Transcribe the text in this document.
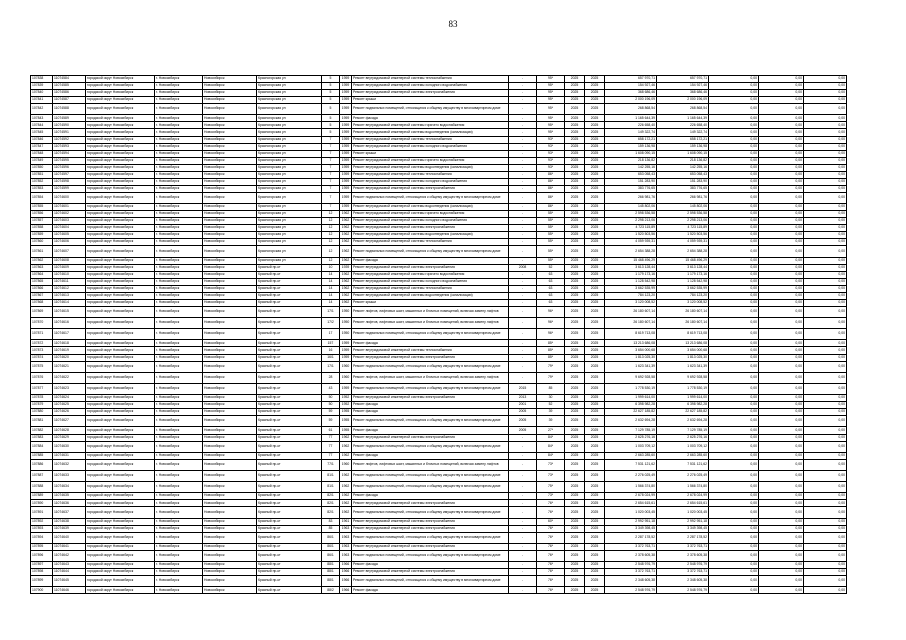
83
107838	11074584	городской округ Новосибирск	г. Новосибирск	Новосибирск	Красногорская ул	5	1959	Ремонт внутридомовой инженерной системы теплоснабжения	-	95*	2025	2025	657 970,71	657 970,71	0,00	0,00	0,00
107839	11074585	городской округ Новосибирск	г. Новосибирск	Новосибирск	Красногорская ул	5	1959	Ремонт внутридомовой инженерной системы холодного водоснабжения	-	95*	2025	2025	154 927,46	154 927,46	0,00	0,00	0,00
107840	11074586	городской округ Новосибирск	г. Новосибирск	Новосибирск	Красногорская ул	5	1959	Ремонт внутридомовой инженерной системы электроснабжения	-	95*	2025	2025	368 686,46	368 686,46	0,00	0,00	0,00
107841	11074587	городской округ Новосибирск	г. Новосибирск	Новосибирск	Красногорская ул	5	1959	Ремонт крыши	-	95*	2025	2025	2 000 196,09	2 000 196,09	0,00	0,00	0,00
107842	11074588	городской округ Новосибирск	г. Новосибирск	Новосибирск	Красногорская ул	5	1959	Ремонт подвальных помещений, относящихся к общему имуществу в многоквартирном доме	-	95*	2025	2025	268 868,54	268 868,54	0,00	0,00	0,00
107843	11074589	городской округ Новосибирск	г. Новосибирск	Новосибирск	Красногорская ул	5	1959	Ремонт фасада	-	95*	2025	2025	1 165 644,39	1 165 644,39	0,00	0,00	0,00
107844	11074590	городской округ Новосибирск	г. Новосибирск	Новосибирск	Красногорская ул	5	1959	Ремонт внутридомовой инженерной системы горячего водоснабжения	-	95*	2025	2025	226 658,40	226 658,40	0,00	0,00	0,00
107845	11074591	городской округ Новосибирск	г. Новосибирск	Новосибирск	Красногорская ул	5	1959	Ремонт внутридомовой инженерной системы водоотведения (канализации)	-	95*	2025	2025	149 322,74	149 322,74	0,00	0,00	0,00
107846	11074592	городской округ Новосибирск	г. Новосибирск	Новосибирск	Красногорская ул	7	1959	Ремонт внутридомовой инженерной системы теплоснабжения	-	93*	2025	2025	658 172,21	658 172,21	0,00	0,00	0,00
107847	11074593	городской округ Новосибирск	г. Новосибирск	Новосибирск	Красногорская ул	7	1959	Ремонт внутридомовой инженерной системы холодного водоснабжения	-	93*	2025	2025	159 136,98	159 136,98	0,00	0,00	0,00
107848	11074594	городской округ Новосибирск	г. Новосибирск	Новосибирск	Красногорская ул	7	1959	Ремонт крыши	-	93*	2025	2025	1 608 090,15	1 608 090,15	0,00	0,00	0,00
107849	11074595	городской округ Новосибирск	г. Новосибирск	Новосибирск	Красногорская ул	7	1959	Ремонт внутридомовой инженерной системы горячего водоснабжения	-	93*	2025	2025	218 136,82	218 136,82	0,00	0,00	0,00
107850	11074596	городской округ Новосибирск	г. Новосибирск	Новосибирск	Красногорская ул	7	1959	Ремонт внутридомовой инженерной системы водоотведения (канализации)	-	93*	2025	2025	142 255,16	142 255,16	0,00	0,00	0,00
107851	11074597	городской округ Новосибирск	г. Новосибирск	Новосибирск	Красногорская ул	7	1959	Ремонт внутридомовой инженерной системы теплоснабжения	-	86*	2025	2025	653 058,43	653 058,43	0,00	0,00	0,00
107852	11074598	городской округ Новосибирск	г. Новосибирск	Новосибирск	Красногорская ул	7	1959	Ремонт внутридомовой инженерной системы холодного водоснабжения	-	86*	2025	2025	151 283,90	151 283,90	0,00	0,00	0,00
107853	11074599	городской округ Новосибирск	г. Новосибирск	Новосибирск	Красногорская ул	7	1959	Ремонт внутридомовой инженерной системы электроснабжения	-	86*	2025	2025	383 776,65	383 776,65	0,00	0,00	0,00
107854	11074600	городской округ Новосибирск	г. Новосибирск	Новосибирск	Красногорская ул	7	1959	Ремонт подвальных помещений, относящихся к общему имуществу в многоквартирном доме	-	86*	2025	2025	266 981,76	266 981,76	0,00	0,00	0,00
107855	11074601	городской округ Новосибирск	г. Новосибирск	Новосибирск	Красногорская ул	7	1959	Ремонт внутридомовой инженерной системы водоотведения (канализации)	-	86*	2025	2025	145 802,06	145 802,06	0,00	0,00	0,00
107856	11074602	городской округ Новосибирск	г. Новосибирск	Новосибирск	Красногорская ул	12	1962	Ремонт внутридомовой инженерной системы горячего водоснабжения	-	55*	2025	2025	2 598 536,58	2 598 536,58	0,00	0,00	0,00
107857	11074603	городской округ Новосибирск	г. Новосибирск	Новосибирск	Красногорская ул	12	1962	Ремонт внутридомовой инженерной системы холодного водоснабжения	-	55*	2025	2025	2 298 213,06	2 298 213,06	0,00	0,00	0,00
107858	11074604	городской округ Новосибирск	г. Новосибирск	Новосибирск	Красногорская ул	12	1962	Ремонт внутридомовой инженерной системы электроснабжения	-	55*	2025	2025	4 723 115,89	4 723 115,89	0,00	0,00	0,00
107859	11074605	городской округ Новосибирск	г. Новосибирск	Новосибирск	Красногорская ул	12	1962	Ремонт внутридомовой инженерной системы водоотведения (канализации)	-	55*	2025	2025	1 520 503,56	1 520 503,56	0,00	0,00	0,00
107860	11074606	городской округ Новосибирск	г. Новосибирск	Новосибирск	Красногорская ул	12	1962	Ремонт внутридомовой инженерной системы теплоснабжения	-	55*	2025	2025	4 059 939,31	4 059 939,31	0,00	0,00	0,00
107861	11074607	городской округ Новосибирск	г. Новосибирск	Новосибирск	Красногорская ул	12	1962	Ремонт подвальных помещений, относящихся к общему имуществу в многоквартирном доме	-	55*	2025	2025	2 654 388,28	2 654 388,28	0,00	0,00	0,00
107862	11074608	городской округ Новосибирск	г. Новосибирск	Новосибирск	Красногорская ул	12	1962	Ремонт фасада	-	55*	2025	2025	15 468 496,29	15 468 496,29	0,00	0,00	0,00
107863	11074609	городской округ Новосибирск	г. Новосибирск	Новосибирск	Красный пр-кт	10	1939	Ремонт внутридомовой инженерной системы электроснабжения	2008	52	2025	2025	3 613 128,44	3 613 128,44	0,00	0,00	0,00
107864	11074610	городской округ Новосибирск	г. Новосибирск	Новосибирск	Красный пр-кт	14	1962	Ремонт внутридомовой инженерной системы горячего водоснабжения	-	63	2025	2025	1 179 173,16	1 179 173,16	0,00	0,00	0,00
107865	11074611	городской округ Новосибирск	г. Новосибирск	Новосибирск	Красный пр-кт	14	1962	Ремонт внутридомовой инженерной системы холодного водоснабжения	-	63	2025	2025	1 128 542,98	1 128 542,98	0,00	0,00	0,00
107866	11074612	городской округ Новосибирск	г. Новосибирск	Новосибирск	Красный пр-кт	14	1962	Ремонт внутридомовой инженерной системы теплоснабжения	-	63	2025	2025	3 662 535,99	3 662 535,99	0,00	0,00	0,00
107867	11074613	городской округ Новосибирск	г. Новосибирск	Новосибирск	Красный пр-кт	14	1962	Ремонт внутридомовой инженерной системы водоотведения (канализации)	-	63	2025	2025	784 123,20	784 123,20	0,00	0,00	0,00
107868	11074614	городской округ Новосибирск	г. Новосибирск	Новосибирск	Красный пр-кт	14	1962	Ремонт крыши	-	63	2025	2025	3 120 008,52	3 120 008,52	0,00	0,00	0,00
107869	11074615	городской округ Новосибирск	г. Новосибирск	Новосибирск	Красный пр-кт	17/1	1950	Ремонт лифтов, лифтовых шахт, машинных и блочных помещений, включая замену лифтов	-	96*	2025	2025	26 180 607,14	26 180 607,14	0,00	0,00	0,00
107870	11074616	городской округ Новосибирск	г. Новосибирск	Новосибирск	Красный пр-кт	17/2	1950	Ремонт лифтов, лифтовых шахт, машинных и блочных помещений, включая замену лифтов	-	96*	2025	2025	26 180 607,14	26 180 607,14	0,00	0,00	0,00
107871	11074617	городской округ Новосибирск	г. Новосибирск	Новосибирск	Красный пр-кт	17	1950	Ремонт подвальных помещений, относящихся к общему имуществу в многоквартирном доме	-	96*	2025	2025	8 619 713,08	8 619 713,08	0,00	0,00	0,00
107872	11074618	городской округ Новосибирск	г. Новосибирск	Новосибирск	Красный пр-кт	157	1959	Ремонт фасада	-	85*	2025	2025	13 213 686,08	13 213 686,08	0,00	0,00	0,00
107873	11074619	городской округ Новосибирск	г. Новосибирск	Новосибирск	Красный пр-кт	16	1959	Ремонт внутридомовой инженерной системы теплоснабжения	-	85*	2025	2025	3 654 000,68	3 654 000,68	0,00	0,00	0,00
107874	11074620	городской округ Новосибирск	г. Новосибирск	Новосибирск	Красный пр-кт	16/1	1959	Ремонт внутридомовой инженерной системы электроснабжения	-	85*	2025	2025	1 813 025,30	1 813 025,30	0,00	0,00	0,00
107875	11074621	городской округ Новосибирск	г. Новосибирск	Новосибирск	Красный пр-кт	17/1	1960	Ремонт подвальных помещений, относящихся к общему имуществу в многоквартирном доме	-	79*	2025	2025	1 623 341,39	1 623 341,39	0,00	0,00	0,00
107876	11074622	городской округ Новосибирск	г. Новосибирск	Новосибирск	Красный пр-кт	28	1960	Ремонт лифтов, лифтовых шахт, машинных и блочных помещений, включая замену лифтов	-	79*	2025	2025	9 692 928,58	9 692 928,58	0,00	0,00	0,00
107877	11074623	городской округ Новосибирск	г. Новосибирск	Новосибирск	Красный пр-кт	43	1959	Ремонт подвальных помещений, относящихся к общему имуществу в многоквартирном доме	2015	85	2025	2025	1 778 530,19	1 778 530,19	0,00	0,00	0,00
107878	11074624	городской округ Новосибирск	г. Новосибирск	Новосибирск	Красный пр-кт	50	1952	Ремонт внутридомовой инженерной системы электроснабжения	2013	30	2025	2025	1 999 614,00	1 999 614,00	0,00	0,00	0,00
107879	11074625	городской округ Новосибирск	г. Новосибирск	Новосибирск	Красный пр-кт	50	1952	Ремонт фасада	2001	52	2025	2025	6 398 982,28	6 398 982,28	0,00	0,00	0,00
107880	11074626	городской округ Новосибирск	г. Новосибирск	Новосибирск	Красный пр-кт	59	1955	Ремонт фасада	2005	39	2025	2025	22 627 185,82	22 627 185,82	0,00	0,00	0,00
107881	11074627	городской округ Новосибирск	г. Новосибирск	Новосибирск	Красный пр-кт	59	1955	Ремонт подвальных помещений, относящихся к общему имуществу в многоквартирном доме	2005	39	2025	2025	2 632 694,28	2 632 694,28	0,00	0,00	0,00
107882	11074628	городской округ Новосибирск	г. Новосибирск	Новосибирск	Красный пр-кт	61	1955	Ремонт фасада	2005	27*	2025	2025	7 129 785,19	7 129 785,19	0,00	0,00	0,00
107883	11074629	городской округ Новосибирск	г. Новосибирск	Новосибирск	Красный пр-кт	77	1962	Ремонт внутридомовой инженерной системы электроснабжения	-	84*	2025	2025	2 625 276,16	2 625 276,16	0,00	0,00	0,00
107884	11074630	городской округ Новосибирск	г. Новосибирск	Новосибирск	Красный пр-кт	77	1962	Ремонт подвальных помещений, относящихся к общему имуществу в многоквартирном доме	-	84*	2025	2025	1 003 709,12	1 003 709,12	0,00	0,00	0,00
107885	11074631	городской округ Новосибирск	г. Новосибирск	Новосибирск	Красный пр-кт	77	1962	Ремонт фасада	-	84*	2025	2025	2 663 285,60	2 663 285,60	0,00	0,00	0,00
107886	11074632	городской округ Новосибирск	г. Новосибирск	Новосибирск	Красный пр-кт	77/1	1960	Ремонт лифтов, лифтовых шахт, машинных и блочных помещений, включая замену лифтов	-	73*	2025	2025	7 531 121,62	7 531 121,62	0,00	0,00	0,00
107887	11074633	городской округ Новосибирск	г. Новосибирск	Новосибирск	Красный пр-кт	81/1	1962	Ремонт подвальных помещений, относящихся к общему имуществу в многоквартирном доме	-	73*	2025	2025	2 276 025,49	2 276 025,49	0,00	0,00	0,00
107888	11074634	городской округ Новосибирск	г. Новосибирск	Новосибирск	Красный пр-кт	81/1	1962	Ремонт подвальных помещений, относящихся к общему имуществу в многоквартирном доме	-	75*	2025	2025	1 566 374,80	1 566 374,80	0,00	0,00	0,00
107889	11074635	городской округ Новосибирск	г. Новосибирск	Новосибирск	Красный пр-кт	82/1	1962	Ремонт фасада	-	73*	2025	2025	2 678 024,99	2 678 024,99	0,00	0,00	0,00
107890	11074636	городской округ Новосибирск	г. Новосибирск	Новосибирск	Красный пр-кт	82/1	1962	Ремонт внутридомовой инженерной системы электроснабжения	-	76*	2025	2025	2 654 615,61	2 654 615,61	0,00	0,00	0,00
107891	11074637	городской округ Новосибирск	г. Новосибирск	Новосибирск	Красный пр-кт	82/1	1962	Ремонт подвальных помещений, относящихся к общему имуществу в многоквартирном доме	-	76*	2025	2025	1 020 003,45	1 020 003,45	0,00	0,00	0,00
107892	11074638	городской округ Новосибирск	г. Новосибирск	Новосибирск	Красный пр-кт	83	1961	Ремонт внутридомовой инженерной системы электроснабжения	-	60*	2025	2025	2 992 951,18	2 992 951,18	0,00	0,00	0,00
107893	11074639	городской округ Новосибирск	г. Новосибирск	Новосибирск	Красный пр-кт	85	1963	Ремонт внутридомовой инженерной системы электроснабжения	-	76*	2025	2025	3 349 398,45	3 349 398,45	0,00	0,00	0,00
107894	11074640	городской округ Новосибирск	г. Новосибирск	Новосибирск	Красный пр-кт	86/1	1963	Ремонт подвальных помещений, относящихся к общему имуществу в многоквартирном доме	-	76*	2025	2025	2 287 178,52	2 287 178,52	0,00	0,00	0,00
107895	11074641	городской округ Новосибирск	г. Новосибирск	Новосибирск	Красный пр-кт	86/1	1963	Ремонт внутридомовой инженерной системы электроснабжения	-	76*	2025	2025	3 372 763,71	3 372 763,71	0,00	0,00	0,00
107896	11074642	городской округ Новосибирск	г. Новосибирск	Новосибирск	Красный пр-кт	86/1	1963	Ремонт подвальных помещений, относящихся к общему имуществу в многоквартирном доме	-	76*	2025	2025	2 378 605,38	2 378 605,38	0,00	0,00	0,00
107897	11074643	городской округ Новосибирск	г. Новосибирск	Новосибирск	Красный пр-кт	88/1	1966	Ремонт фасада	-	76*	2025	2025	2 548 976,79	2 548 976,79	0,00	0,00	0,00
107898	11074644	городской округ Новосибирск	г. Новосибирск	Новосибирск	Красный пр-кт	88/1	1966	Ремонт внутридомовой инженерной системы электроснабжения	-	76*	2025	2025	3 372 763,71	3 372 763,71	0,00	0,00	0,00
107899	11074645	городской округ Новосибирск	г. Новосибирск	Новосибирск	Красный пр-кт	88/1	1966	Ремонт подвальных помещений, относящихся к общему имуществу в многоквартирном доме	-	76*	2025	2025	2 348 605,38	2 348 605,38	0,00	0,00	0,00
107900	11074646	городской округ Новосибирск	г. Новосибирск	Новосибирск	Красный пр-кт	88/2	1966	Ремонт фасада	-	76*	2025	2025	2 548 976,79	2 548 976,79	0,00	0,00	0,00
